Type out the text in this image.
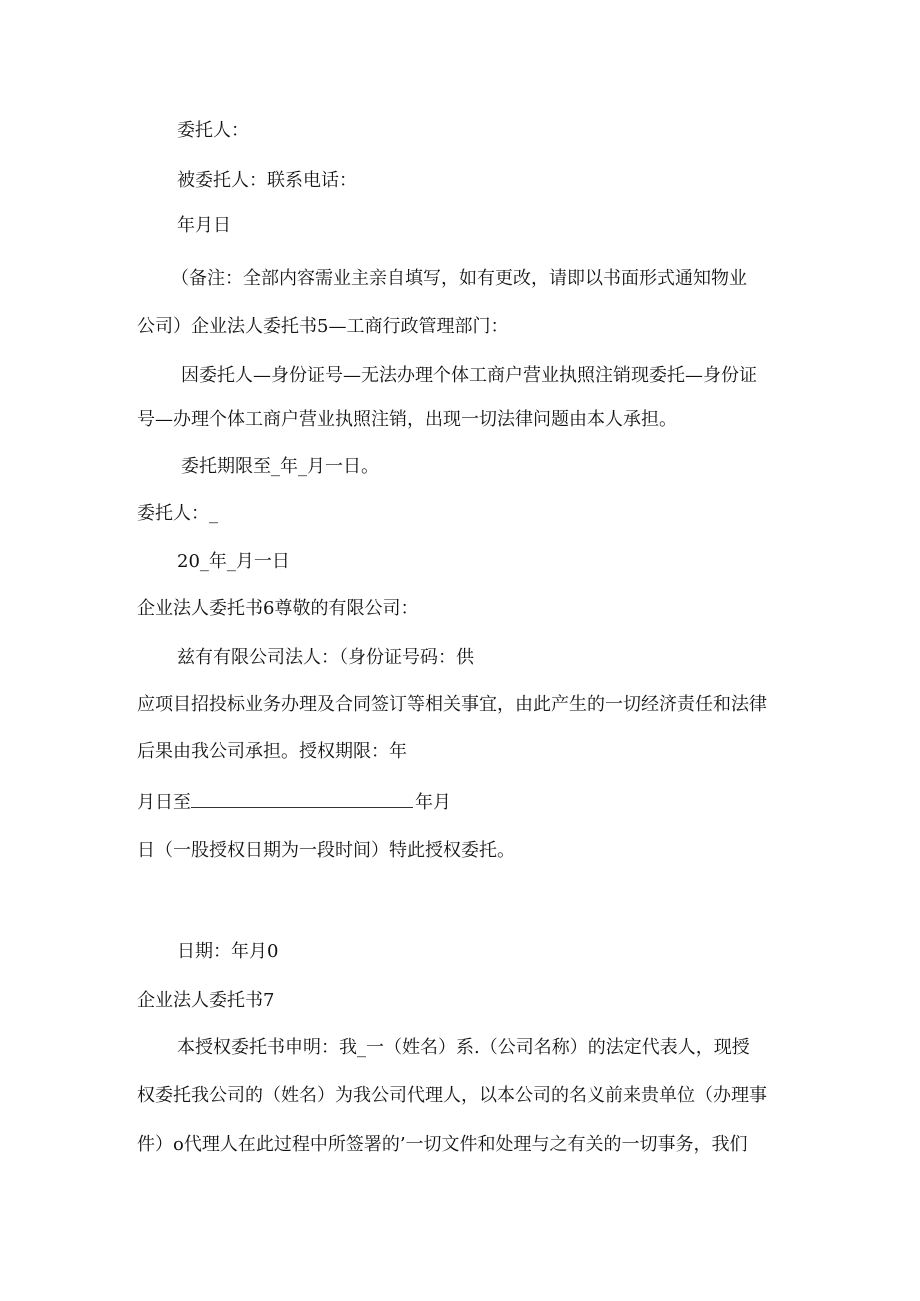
委托人：
被委托人：联系电话：
年月日
（备注：全部内容需业主亲自填写，如有更改，请即以书面形式通知物业
公司）企业法人委托书5—工商行政管理部门：
因委托人—身份证号—无法办理个体工商户营业执照注销现委托—身份证
号—办理个体工商户营业执照注销，出现一切法律问题由本人承担。
委托期限至_年_月一日。
委托人：_
20_年_月一日
企业法人委托书6尊敬的有限公司：
兹有有限公司法人：（身份证号码：供
应项目招投标业务办理及合同签订等相关事宜，由此产生的一切经济责任和法律
后果由我公司承担。授权期限：年
月日至	年月
日（一股授权日期为一段时间）特此授权委托。
日期：年月0
企业法人委托书7
本授权委托书申明：我_一（姓名）系.（公司名称）的法定代表人，现授
权委托我公司的（姓名）为我公司代理人，以本公司的名义前来贵单位（办理事
件）o代理人在此过程中所签署的’一切文件和处理与之有关的一切事务，我们
